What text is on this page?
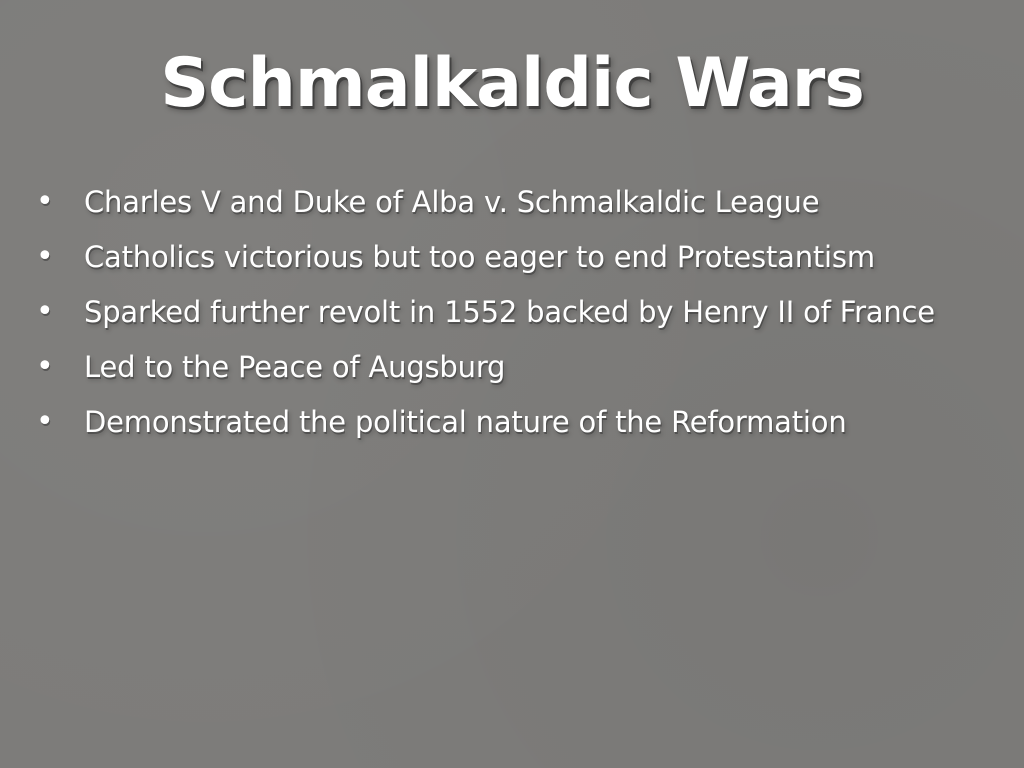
Schmalkaldic Wars
•	Charles V and Duke of Alba v. Schmalkaldic League
•	Catholics victorious but too eager to end Protestantism
•	Sparked further revolt in 1552 backed by Henry II of France
•	Led to the Peace of Augsburg
•	Demonstrated the political nature of the Reformation
